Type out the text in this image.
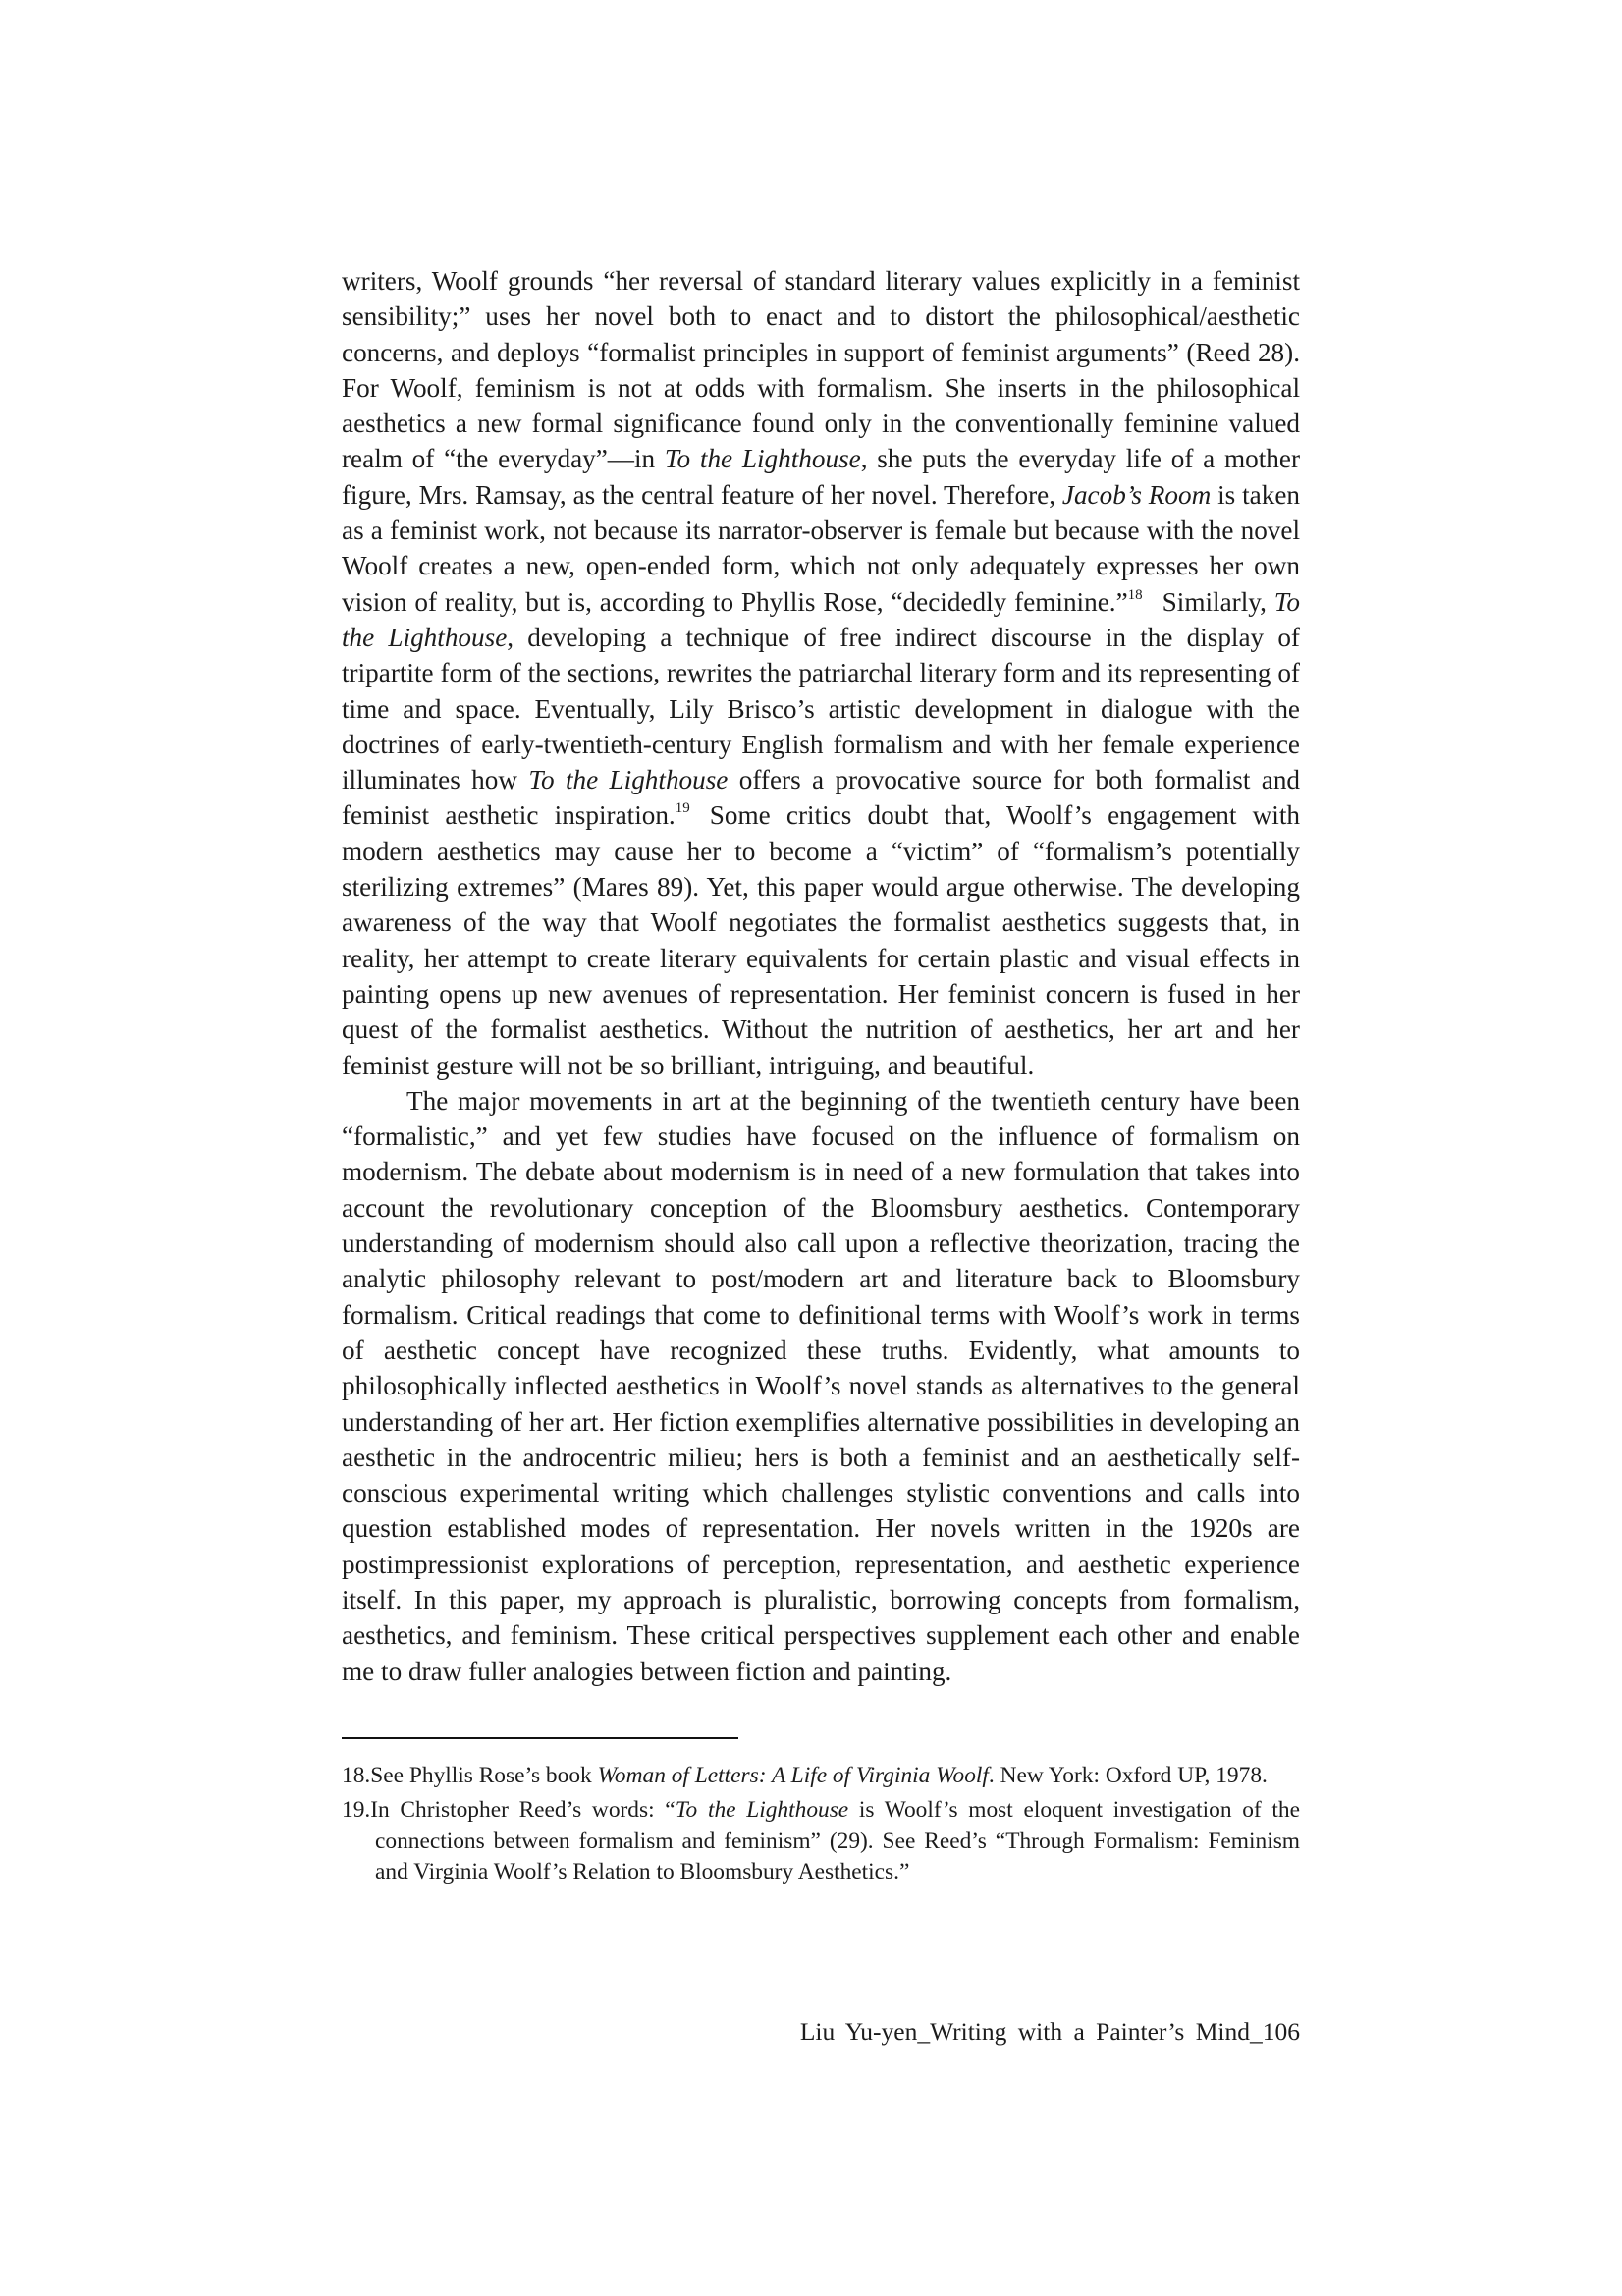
writers, Woolf grounds “her reversal of standard literary values explicitly in a feminist sensibility;” uses her novel both to enact and to distort the philosophical/aesthetic concerns, and deploys “formalist principles in support of feminist arguments” (Reed 28). For Woolf, feminism is not at odds with formalism. She inserts in the philosophical aesthetics a new formal significance found only in the conventionally feminine valued realm of “the everyday”—in To the Lighthouse, she puts the everyday life of a mother figure, Mrs. Ramsay, as the central feature of her novel. Therefore, Jacob’s Room is taken as a feminist work, not because its narrator-observer is female but because with the novel Woolf creates a new, open-ended form, which not only adequately expresses her own vision of reality, but is, according to Phyllis Rose, “decidedly feminine.”$^{18}$ Similarly, To the Lighthouse, developing a technique of free indirect discourse in the display of tripartite form of the sections, rewrites the patriarchal literary form and its representing of time and space. Eventually, Lily Brisco’s artistic development in dialogue with the doctrines of early-twentieth-century English formalism and with her female experience illuminates how To the Lighthouse offers a provocative source for both formalist and feminist aesthetic inspiration.$^{19}$ Some critics doubt that, Woolf’s engagement with modern aesthetics may cause her to become a “victim” of “formalism’s potentially sterilizing extremes” (Mares 89). Yet, this paper would argue otherwise. The developing awareness of the way that Woolf negotiates the formalist aesthetics suggests that, in reality, her attempt to create literary equivalents for certain plastic and visual effects in painting opens up new avenues of representation. Her feminist concern is fused in her quest of the formalist aesthetics. Without the nutrition of aesthetics, her art and her feminist gesture will not be so brilliant, intriguing, and beautiful.

The major movements in art at the beginning of the twentieth century have been “formalistic,” and yet few studies have focused on the influence of formalism on modernism. The debate about modernism is in need of a new formulation that takes into account the revolutionary conception of the Bloomsbury aesthetics. Contemporary understanding of modernism should also call upon a reflective theorization, tracing the analytic philosophy relevant to post/modern art and literature back to Bloomsbury formalism. Critical readings that come to definitional terms with Woolf’s work in terms of aesthetic concept have recognized these truths. Evidently, what amounts to philosophically inflected aesthetics in Woolf’s novel stands as alternatives to the general understanding of her art. Her fiction exemplifies alternative possibilities in developing an aesthetic in the androcentric milieu; hers is both a feminist and an aesthetically self-conscious experimental writing which challenges stylistic conventions and calls into question established modes of representation. Her novels written in the 1920s are postimpressionist explorations of perception, representation, and aesthetic experience itself. In this paper, my approach is pluralistic, borrowing concepts from formalism, aesthetics, and feminism. These critical perspectives supplement each other and enable me to draw fuller analogies between fiction and painting.

18.See Phyllis Rose’s book Woman of Letters: A Life of Virginia Woolf. New York: Oxford UP, 1978.

19.In Christopher Reed’s words: “To the Lighthouse is Woolf’s most eloquent investigation of the connections between formalism and feminism” (29). See Reed’s “Through Formalism: Feminism and Virginia Woolf’s Relation to Bloomsbury Aesthetics.”

Liu Yu-yen_Writing with a Painter’s Mind_106
